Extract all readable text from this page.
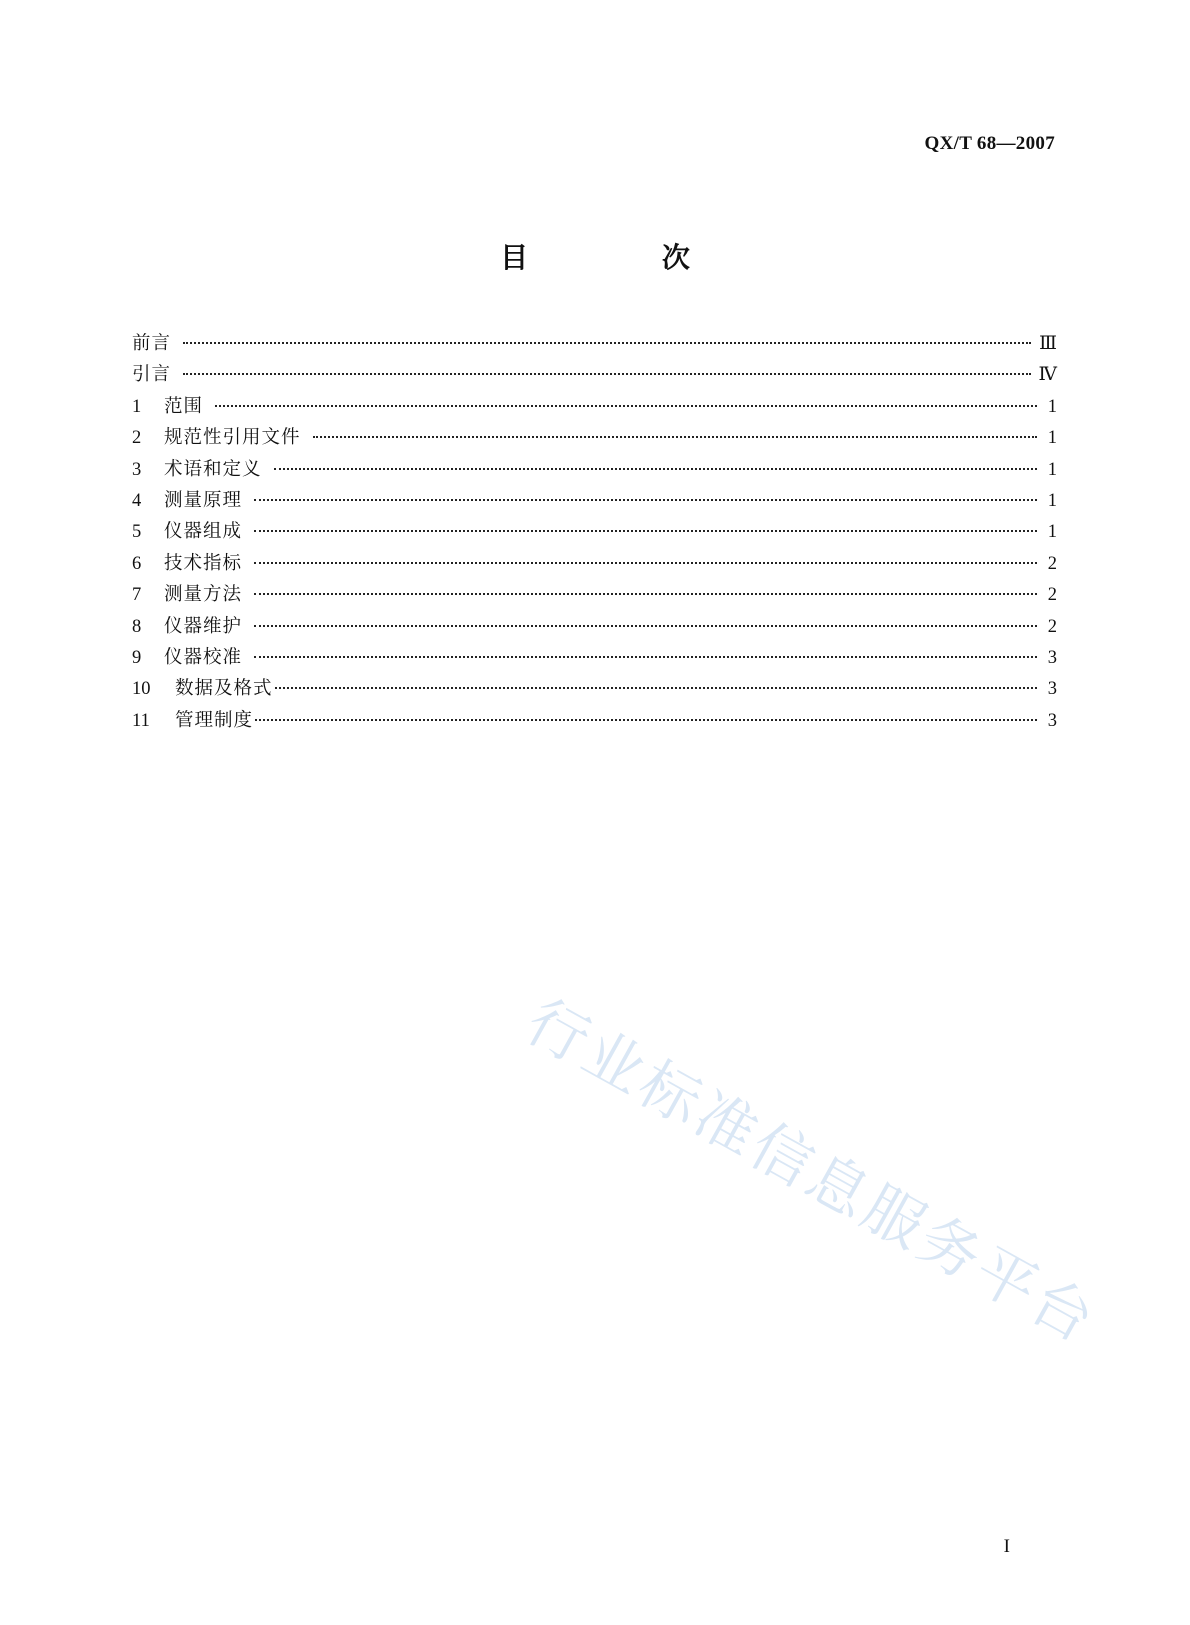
QX/T 68—2007
目 次
前言	Ⅲ
引言	Ⅳ
1	范围	1
2	规范性引用文件	1
3	术语和定义	1
4	测量原理	1
5	仪器组成	1
6	技术指标	2
7	测量方法	2
8	仪器维护	2
9	仪器校准	3
10	数据及格式	3
11	管理制度	3
行业标准信息服务平台
I
